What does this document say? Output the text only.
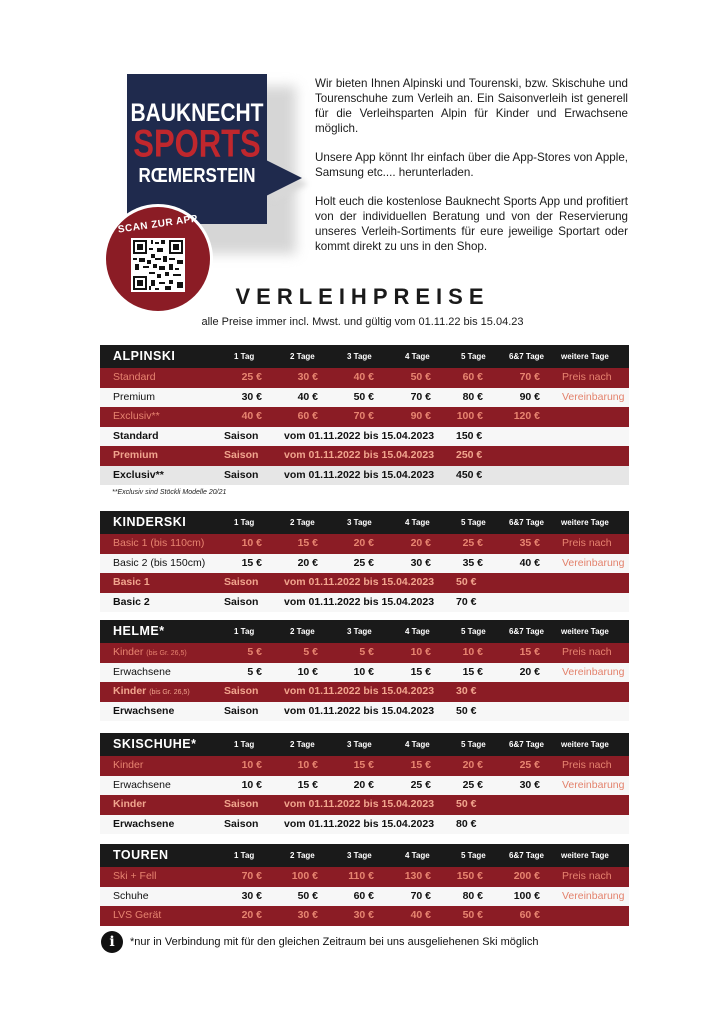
BAUKNECHT
SPORTS
RŒMERSTEIN
SCAN ZUR APP

Wir bieten Ihnen Alpinski und Tourenski, bzw. Skischuhe und Tourenschuhe zum Verleih an. Ein Saisonverleih ist generell für die Verleihsparten Alpin für Kinder und Erwachsene möglich.

Unsere App könnt Ihr einfach über die App-Stores von Apple, Samsung etc.... herunterladen.

Holt euch die kostenlose Bauknecht Sports App und profitiert von der individuellen Beratung und von der Reservierung unseres Verleih-Sortiments für eure jeweilige Sportart oder kommt direkt zu uns in den Shop.

VERLEIHPREISE
alle Preise immer incl. Mwst. und gültig vom 01.11.22 bis 15.04.23
ALPINSKI	1 Tag	2 Tage	3 Tage	4 Tage	5 Tage	6&7 Tage weitere Tage
Standard	25 €	30 €	40 €	50 €	60 €	70 € Preis nach
Premium	30 €	40 €	50 €	70 €	80 €	90 € Vereinbarung
Exclusiv**	40 €	60 €	70 €	90 €	100 €	120 €
Standard	Saison vom 01.11.2022 bis 15.04.2023 150 €
Premium	Saison vom 01.11.2022 bis 15.04.2023 250 €
Exclusiv**	Saison vom 01.11.2022 bis 15.04.2023 450 €
**Exclusiv sind Stöckli Modelle 20/21
KINDERSKI	1 Tag	2 Tage	3 Tage	4 Tage	5 Tage	6&7 Tage weitere Tage
Basic 1 (bis 110cm)	10 €	15 €	20 €	20 €	25 €	35 € Preis nach
Basic 2 (bis 150cm)	15 €	20 €	25 €	30 €	35 €	40 € Vereinbarung
Basic 1	Saison vom 01.11.2022 bis 15.04.2023 50 €
Basic 2	Saison vom 01.11.2022 bis 15.04.2023 70 €
HELME*	1 Tag	2 Tage	3 Tage	4 Tage	5 Tage	6&7 Tage weitere Tage
Kinder (bis Gr. 26,5)	5 €	5 €	5 €	10 €	10 €	15 € Preis nach
Erwachsene	5 €	10 €	10 €	15 €	15 €	20 € Vereinbarung
Kinder (bis Gr. 26,5)	Saison vom 01.11.2022 bis 15.04.2023 30 €
Erwachsene	Saison vom 01.11.2022 bis 15.04.2023 50 €
SKISCHUHE*	1 Tag	2 Tage	3 Tage	4 Tage	5 Tage	6&7 Tage weitere Tage
Kinder	10 €	10 €	15 €	15 €	20 €	25 € Preis nach
Erwachsene	10 €	15 €	20 €	25 €	25 €	30 € Vereinbarung
Kinder	Saison vom 01.11.2022 bis 15.04.2023 50 €
Erwachsene	Saison vom 01.11.2022 bis 15.04.2023 80 €
TOUREN	1 Tag	2 Tage	3 Tage	4 Tage	5 Tage	6&7 Tage weitere Tage
Ski + Fell	70 €	100 €	110 €	130 €	150 €	200 € Preis nach
Schuhe	30 €	50 €	60 €	70 €	80 €	100 € Vereinbarung
LVS Gerät	20 €	30 €	30 €	40 €	50 €	60 €
i	*nur in Verbindung mit für den gleichen Zeitraum bei uns ausgeliehenen Ski möglich
